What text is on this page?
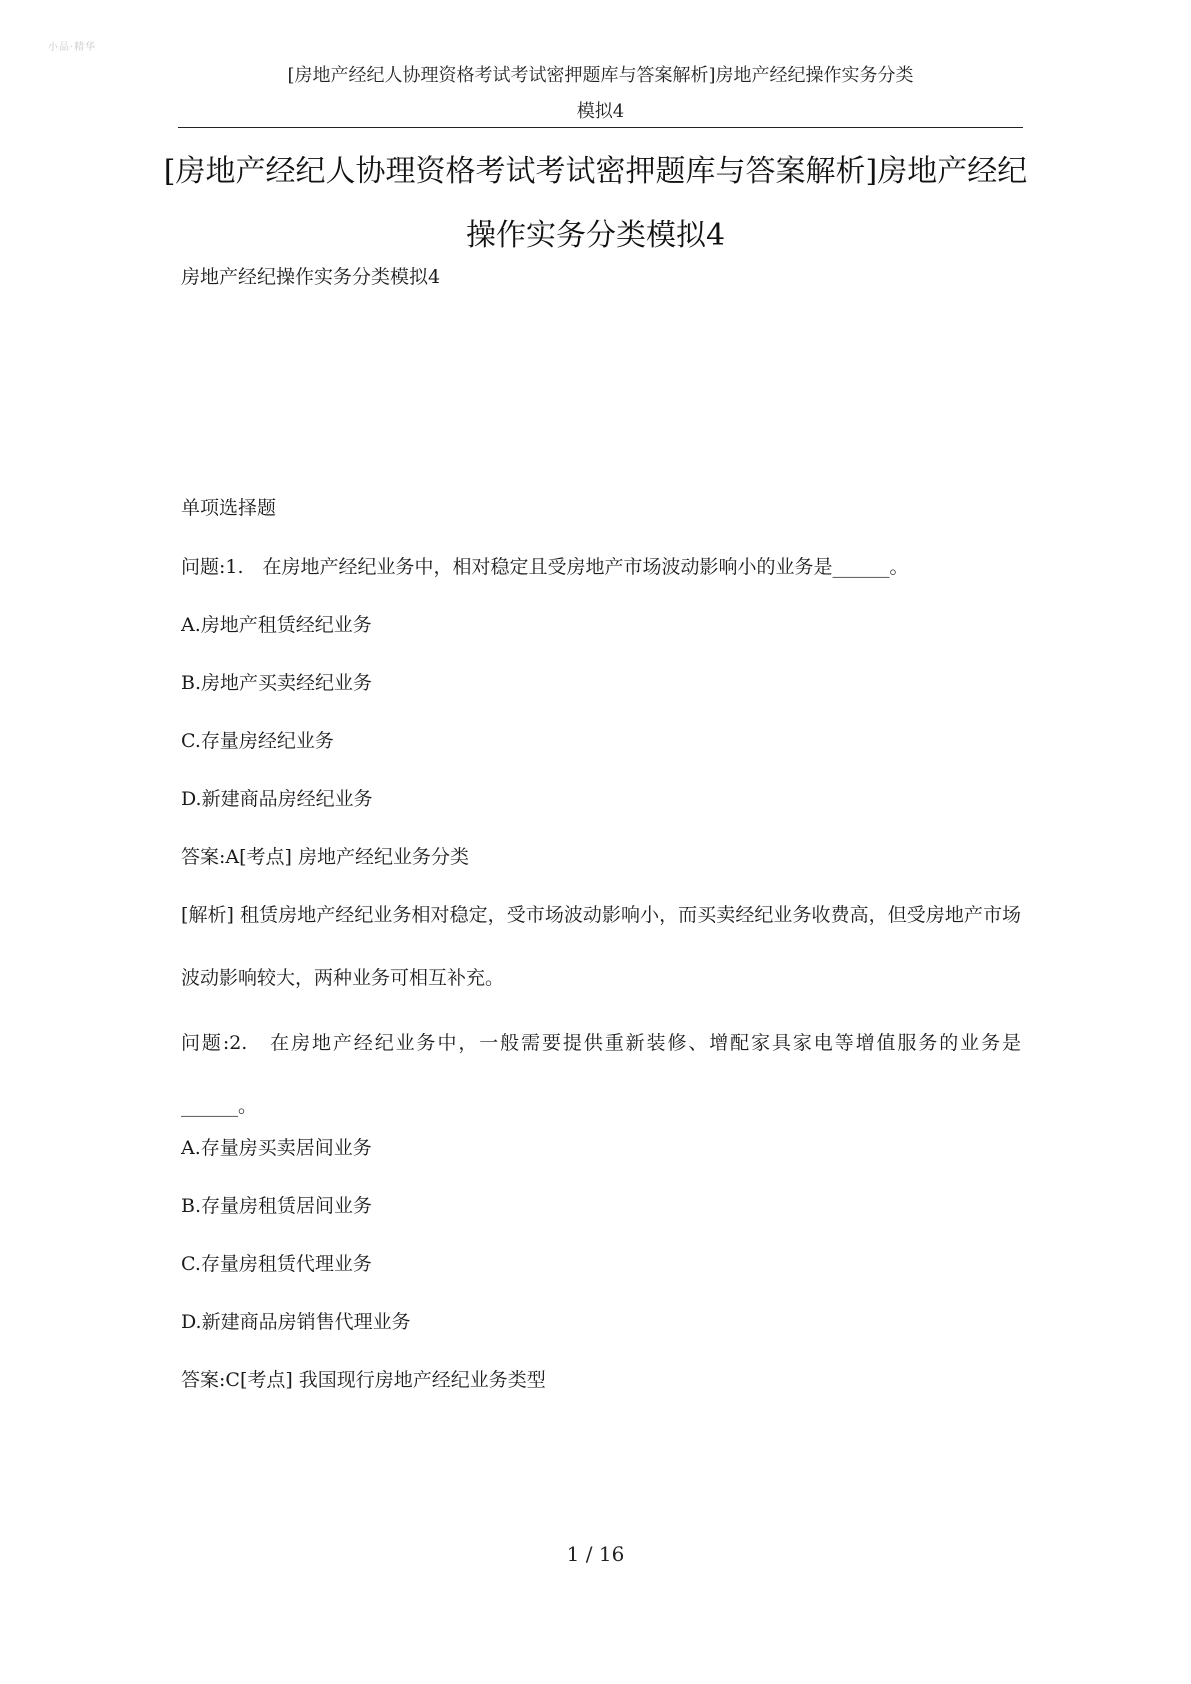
小品·精华
[房地产经纪人协理资格考试考试密押题库与答案解析]房地产经纪操作实务分类
模拟4
[房地产经纪人协理资格考试考试密押题库与答案解析]房地产经纪
操作实务分类模拟4
房地产经纪操作实务分类模拟4
单项选择题
问题:1.　在房地产经纪业务中，相对稳定且受房地产市场波动影响小的业务是______。
A.房地产租赁经纪业务
B.房地产买卖经纪业务
C.存量房经纪业务
D.新建商品房经纪业务
答案:A[考点] 房地产经纪业务分类
[解析] 租赁房地产经纪业务相对稳定，受市场波动影响小，而买卖经纪业务收费高，但受房地产市场波动影响较大，两种业务可相互补充。
问题:2.　在房地产经纪业务中，一般需要提供重新装修、增配家具家电等增值服务的业务是______。
A.存量房买卖居间业务
B.存量房租赁居间业务
C.存量房租赁代理业务
D.新建商品房销售代理业务
答案:C[考点] 我国现行房地产经纪业务类型
1 / 16
